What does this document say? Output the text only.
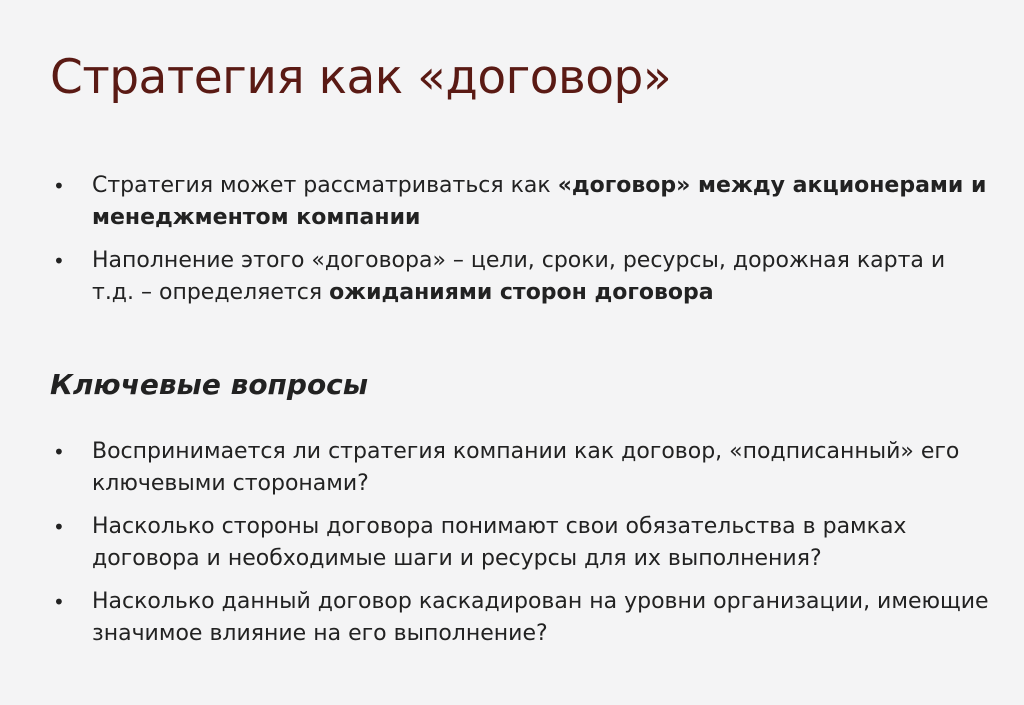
Стратегия как «договор»
• Стратегия может рассматриваться как «договор» между акционерами и менеджментом компании
• Наполнение этого «договора» – цели, сроки, ресурсы, дорожная карта и т.д. – определяется ожиданиями сторон договора
Ключевые вопросы
• Воспринимается ли стратегия компании как договор, «подписанный» его ключевыми сторонами?
• Насколько стороны договора понимают свои обязательства в рамках договора и необходимые шаги и ресурсы для их выполнения?
• Насколько данный договор каскадирован на уровни организации, имеющие значимое влияние на его выполнение?
